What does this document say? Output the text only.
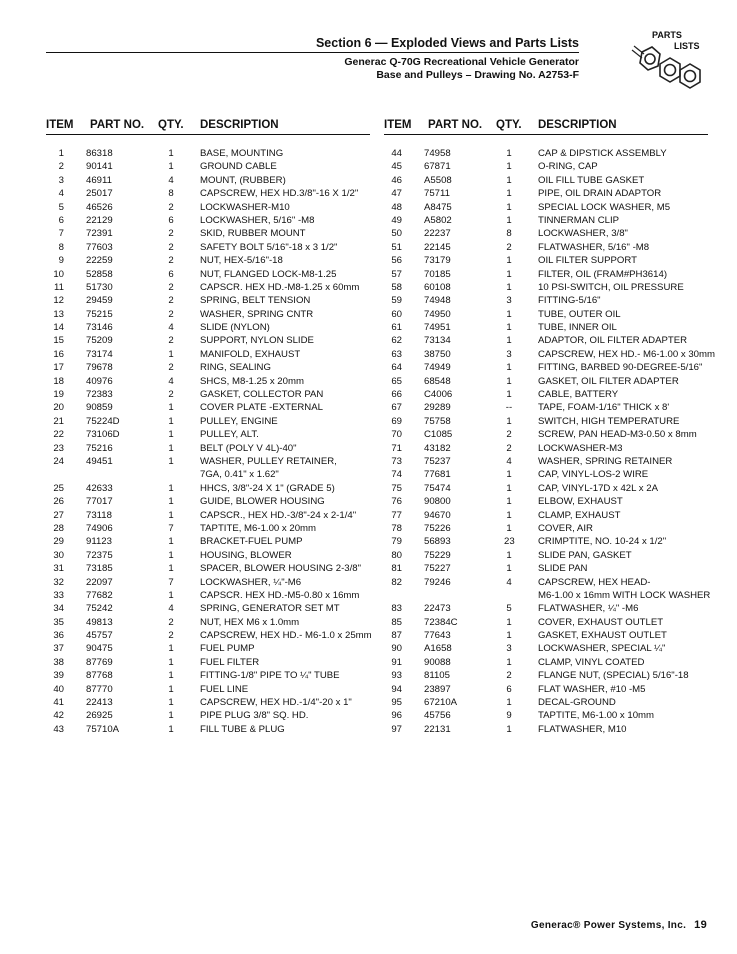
Section 6 — Exploded Views and Parts Lists
Generac Q-70G Recreational Vehicle Generator
Base and Pulleys – Drawing No. A2753-F
PARTS
LISTS
ITEM PART NO. QTY. DESCRIPTION
1 86318	1	BASE, MOUNTING
2 90141	1	GROUND CABLE
3 46911	4	MOUNT, (RUBBER)
4 25017	8	CAPSCREW, HEX HD.3/8"-16 X 1/2"
5 46526	2	LOCKWASHER-M10
6 22129	6	LOCKWASHER, 5/16" -M8
7 72391	2	SKID, RUBBER MOUNT
8 77603	2	SAFETY BOLT 5/16"-18 x 3 1/2"
9 22259	2	NUT, HEX-5/16"-18
10 52858	6	NUT, FLANGED LOCK-M8-1.25
11 51730	2	CAPSCR. HEX HD.-M8-1.25 x 60mm
12 29459	2	SPRING, BELT TENSION
13 75215	2	WASHER, SPRING CNTR
14 73146	4	SLIDE (NYLON)
15 75209	2	SUPPORT, NYLON SLIDE
16 73174	1	MANIFOLD, EXHAUST
17 79678	2	RING, SEALING
18 40976	4	SHCS, M8-1.25 x 20mm
19 72383	2	GASKET, COLLECTOR PAN
20 90859	1	COVER PLATE -EXTERNAL
21 75224D	1	PULLEY, ENGINE
22 73106D	1	PULLEY, ALT.
23 75216	1	BELT (POLY V 4L)-40"
24 49451	1	WASHER, PULLEY RETAINER,
7GA, 0.41" x 1.62"
25 42633	1	HHCS, 3/8"-24 X 1" (GRADE 5)
26 77017	1	GUIDE, BLOWER HOUSING
27 73118	1	CAPSCR., HEX HD.-3/8"-24 x 2-1/4"
28 74906	7	TAPTITE, M6-1.00 x 20mm
29 91123	1	BRACKET-FUEL PUMP
30 72375	1	HOUSING, BLOWER
31 73185	1	SPACER, BLOWER HOUSING 2-3/8"
32 22097	7	LOCKWASHER, ¼"-M6
33 77682	1	CAPSCR. HEX HD.-M5-0.80 x 16mm
34 75242	4	SPRING, GENERATOR SET MT
35 49813	2	NUT, HEX M6 x 1.0mm
36 45757	2	CAPSCREW, HEX HD.- M6-1.0 x 25mm
37 90475	1	FUEL PUMP
38 87769	1	FUEL FILTER
39 87768	1	FITTING-1/8" PIPE TO ¼" TUBE
40 87770	1	FUEL LINE
41 22413	1	CAPSCREW, HEX HD.-1/4"-20 x 1"
42 26925	1	PIPE PLUG 3/8" SQ. HD.
43 75710A	1	FILL TUBE & PLUG
ITEM PART NO. QTY. DESCRIPTION
44 74958	1	CAP & DIPSTICK ASSEMBLY
45 67871	1	O-RING, CAP
46 A5508	1	OIL FILL TUBE GASKET
47 75711	1	PIPE, OIL DRAIN ADAPTOR
48 A8475	1	SPECIAL LOCK WASHER, M5
49 A5802	1	TINNERMAN CLIP
50 22237	8	LOCKWASHER, 3/8"
51 22145	2	FLATWASHER, 5/16" -M8
56 73179	1	OIL FILTER SUPPORT
57 70185	1	FILTER, OIL (FRAM#PH3614)
58 60108	1	10 PSI-SWITCH, OIL PRESSURE
59 74948	3	FITTING-5/16"
60 74950	1	TUBE, OUTER OIL
61 74951	1	TUBE, INNER OIL
62 73134	1	ADAPTOR, OIL FILTER ADAPTER
63 38750	3	CAPSCREW, HEX HD.- M6-1.00 x 30mm
64 74949	1	FITTING, BARBED 90-DEGREE-5/16"
65 68548	1	GASKET, OIL FILTER ADAPTER
66 C4006	1	CABLE, BATTERY
67 29289	--	TAPE, FOAM-1/16" THICK x 8'
69 75758	1	SWITCH, HIGH TEMPERATURE
70 C1085	2	SCREW, PAN HEAD-M3-0.50 x 8mm
71 43182	2	LOCKWASHER-M3
73 75237	4	WASHER, SPRING RETAINER
74 77681	1	CAP, VINYL-LOS-2 WIRE
75 75474	1	CAP, VINYL-17D x 42L x 2A
76 90800	1	ELBOW, EXHAUST
77 94670	1	CLAMP, EXHAUST
78 75226	1	COVER, AIR
79 56893	23 CRIMPTITE, NO. 10-24 x 1/2"
80 75229	1	SLIDE PAN, GASKET
81 75227	1	SLIDE PAN
82 79246	4	CAPSCREW, HEX HEAD-
M6-1.00 x 16mm WITH LOCK WASHER
83 22473	5	FLATWASHER, ¼" -M6
85 72384C	1	COVER, EXHAUST OUTLET
87 77643	1	GASKET, EXHAUST OUTLET
90 A1658	3	LOCKWASHER, SPECIAL ¼"
91 90088	1	CLAMP, VINYL COATED
93 81105	2	FLANGE NUT, (SPECIAL) 5/16"-18
94 23897	6	FLAT WASHER, #10 -M5
95 67210A	1	DECAL-GROUND
96 45756	9	TAPTITE, M6-1.00 x 10mm
97 22131	1	FLATWASHER, M10
Generac® Power Systems, Inc. 19
